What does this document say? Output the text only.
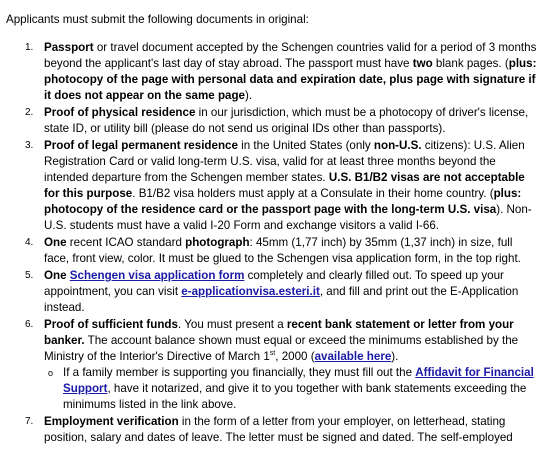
Applicants must submit the following documents in original:

1. Passport or travel document accepted by the Schengen countries valid for a period of 3 months beyond the applicant's last day of stay abroad. The passport must have two blank pages. (plus: photocopy of the page with personal data and expiration date, plus page with signature if it does not appear on the same page).
2. Proof of physical residence in our jurisdiction, which must be a photocopy of driver's license, state ID, or utility bill (please do not send us original IDs other than passports).
3. Proof of legal permanent residence in the United States (only non-U.S. citizens): U.S. Alien Registration Card or valid long-term U.S. visa, valid for at least three months beyond the intended departure from the Schengen member states. U.S. B1/B2 visas are not acceptable for this purpose. B1/B2 visa holders must apply at a Consulate in their home country. (plus: photocopy of the residence card or the passport page with the long-term U.S. visa). Non-U.S. students must have a valid I-20 Form and exchange visitors a valid I-66.
4. One recent ICAO standard photograph: 45mm (1,77 inch) by 35mm (1,37 inch) in size, full face, front view, color. It must be glued to the Schengen visa application form, in the top right.
5. One Schengen visa application form completely and clearly filled out. To speed up your appointment, you can visit e-applicationvisa.esteri.it, and fill and print out the E-Application instead.
6. Proof of sufficient funds. You must present a recent bank statement or letter from your banker. The account balance shown must equal or exceed the minimums established by the Ministry of the Interior's Directive of March 1st, 2000 (available here).
o If a family member is supporting you financially, they must fill out the Affidavit for Financial Support, have it notarized, and give it to you together with bank statements exceeding the minimums listed in the link above.
7. Employment verification in the form of a letter from your employer, on letterhead, stating position, salary and dates of leave. The letter must be signed and dated. The self-employed
